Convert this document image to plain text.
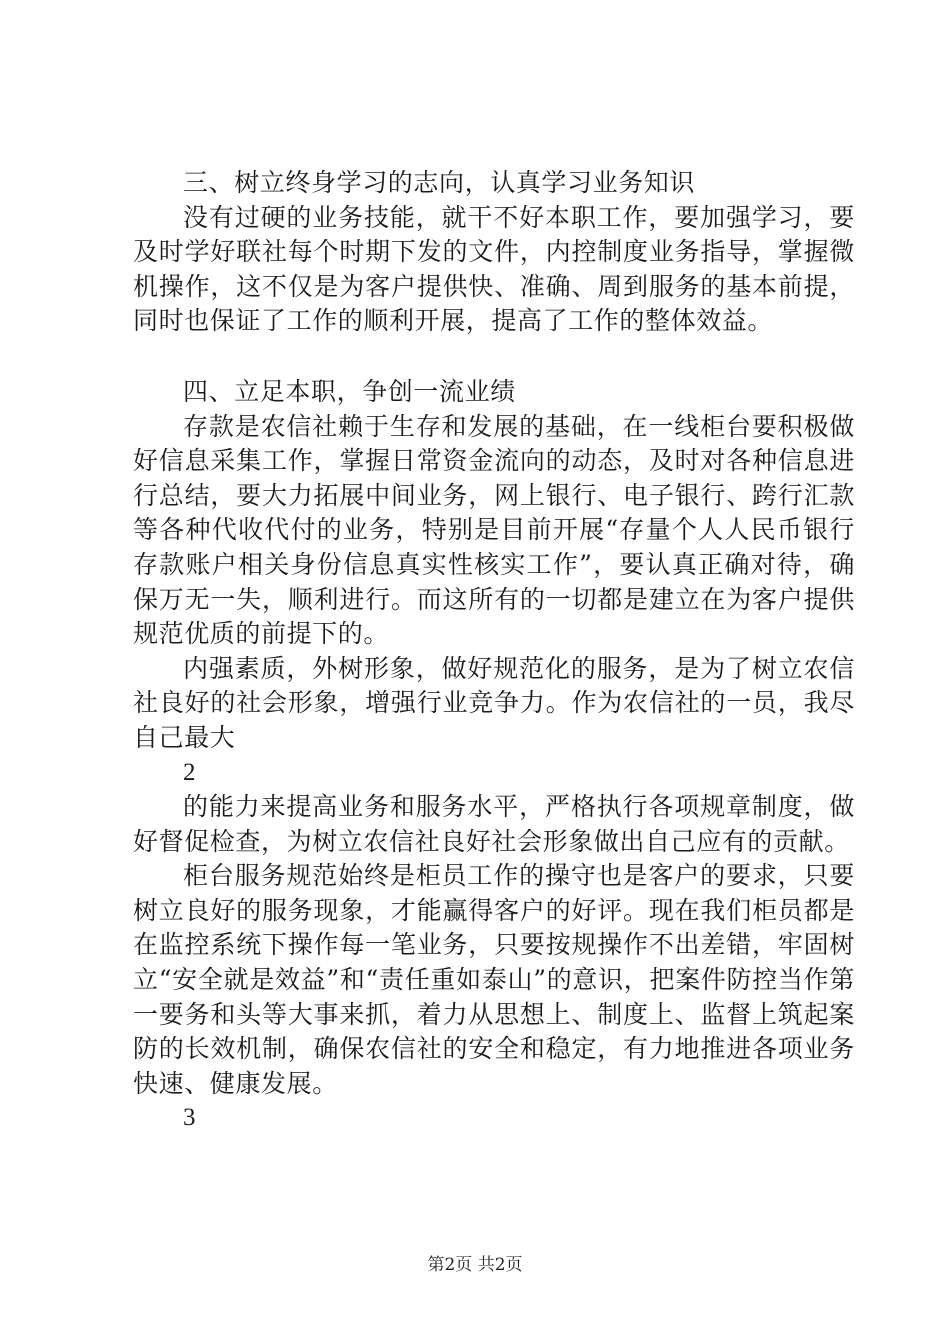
三、树立终身学习的志向，认真学习业务知识

没有过硬的业务技能，就干不好本职工作，要加强学习，要及时学好联社每个时期下发的文件，内控制度业务指导，掌握微机操作，这不仅是为客户提供快、准确、周到服务的基本前提，同时也保证了工作的顺利开展，提高了工作的整体效益。

四、立足本职，争创一流业绩

存款是农信社赖于生存和发展的基础，在一线柜台要积极做好信息采集工作，掌握日常资金流向的动态，及时对各种信息进行总结，要大力拓展中间业务，网上银行、电子银行、跨行汇款等各种代收代付的业务，特别是目前开展“存量个人人民币银行存款账户相关身份信息真实性核实工作”，要认真正确对待，确保万无一失，顺利进行。而这所有的一切都是建立在为客户提供规范优质的前提下的。

内强素质，外树形象，做好规范化的服务，是为了树立农信社良好的社会形象，增强行业竞争力。作为农信社的一员，我尽自己最大

2

的能力来提高业务和服务水平，严格执行各项规章制度，做好督促检查，为树立农信社良好社会形象做出自己应有的贡献。

柜台服务规范始终是柜员工作的操守也是客户的要求，只要树立良好的服务现象，才能赢得客户的好评。现在我们柜员都是在监控系统下操作每一笔业务，只要按规操作不出差错，牢固树立“安全就是效益”和“责任重如泰山”的意识，把案件防控当作第一要务和头等大事来抓，着力从思想上、制度上、监督上筑起案防的长效机制，确保农信社的安全和稳定，有力地推进各项业务快速、健康发展。

3

第2页 共2页
